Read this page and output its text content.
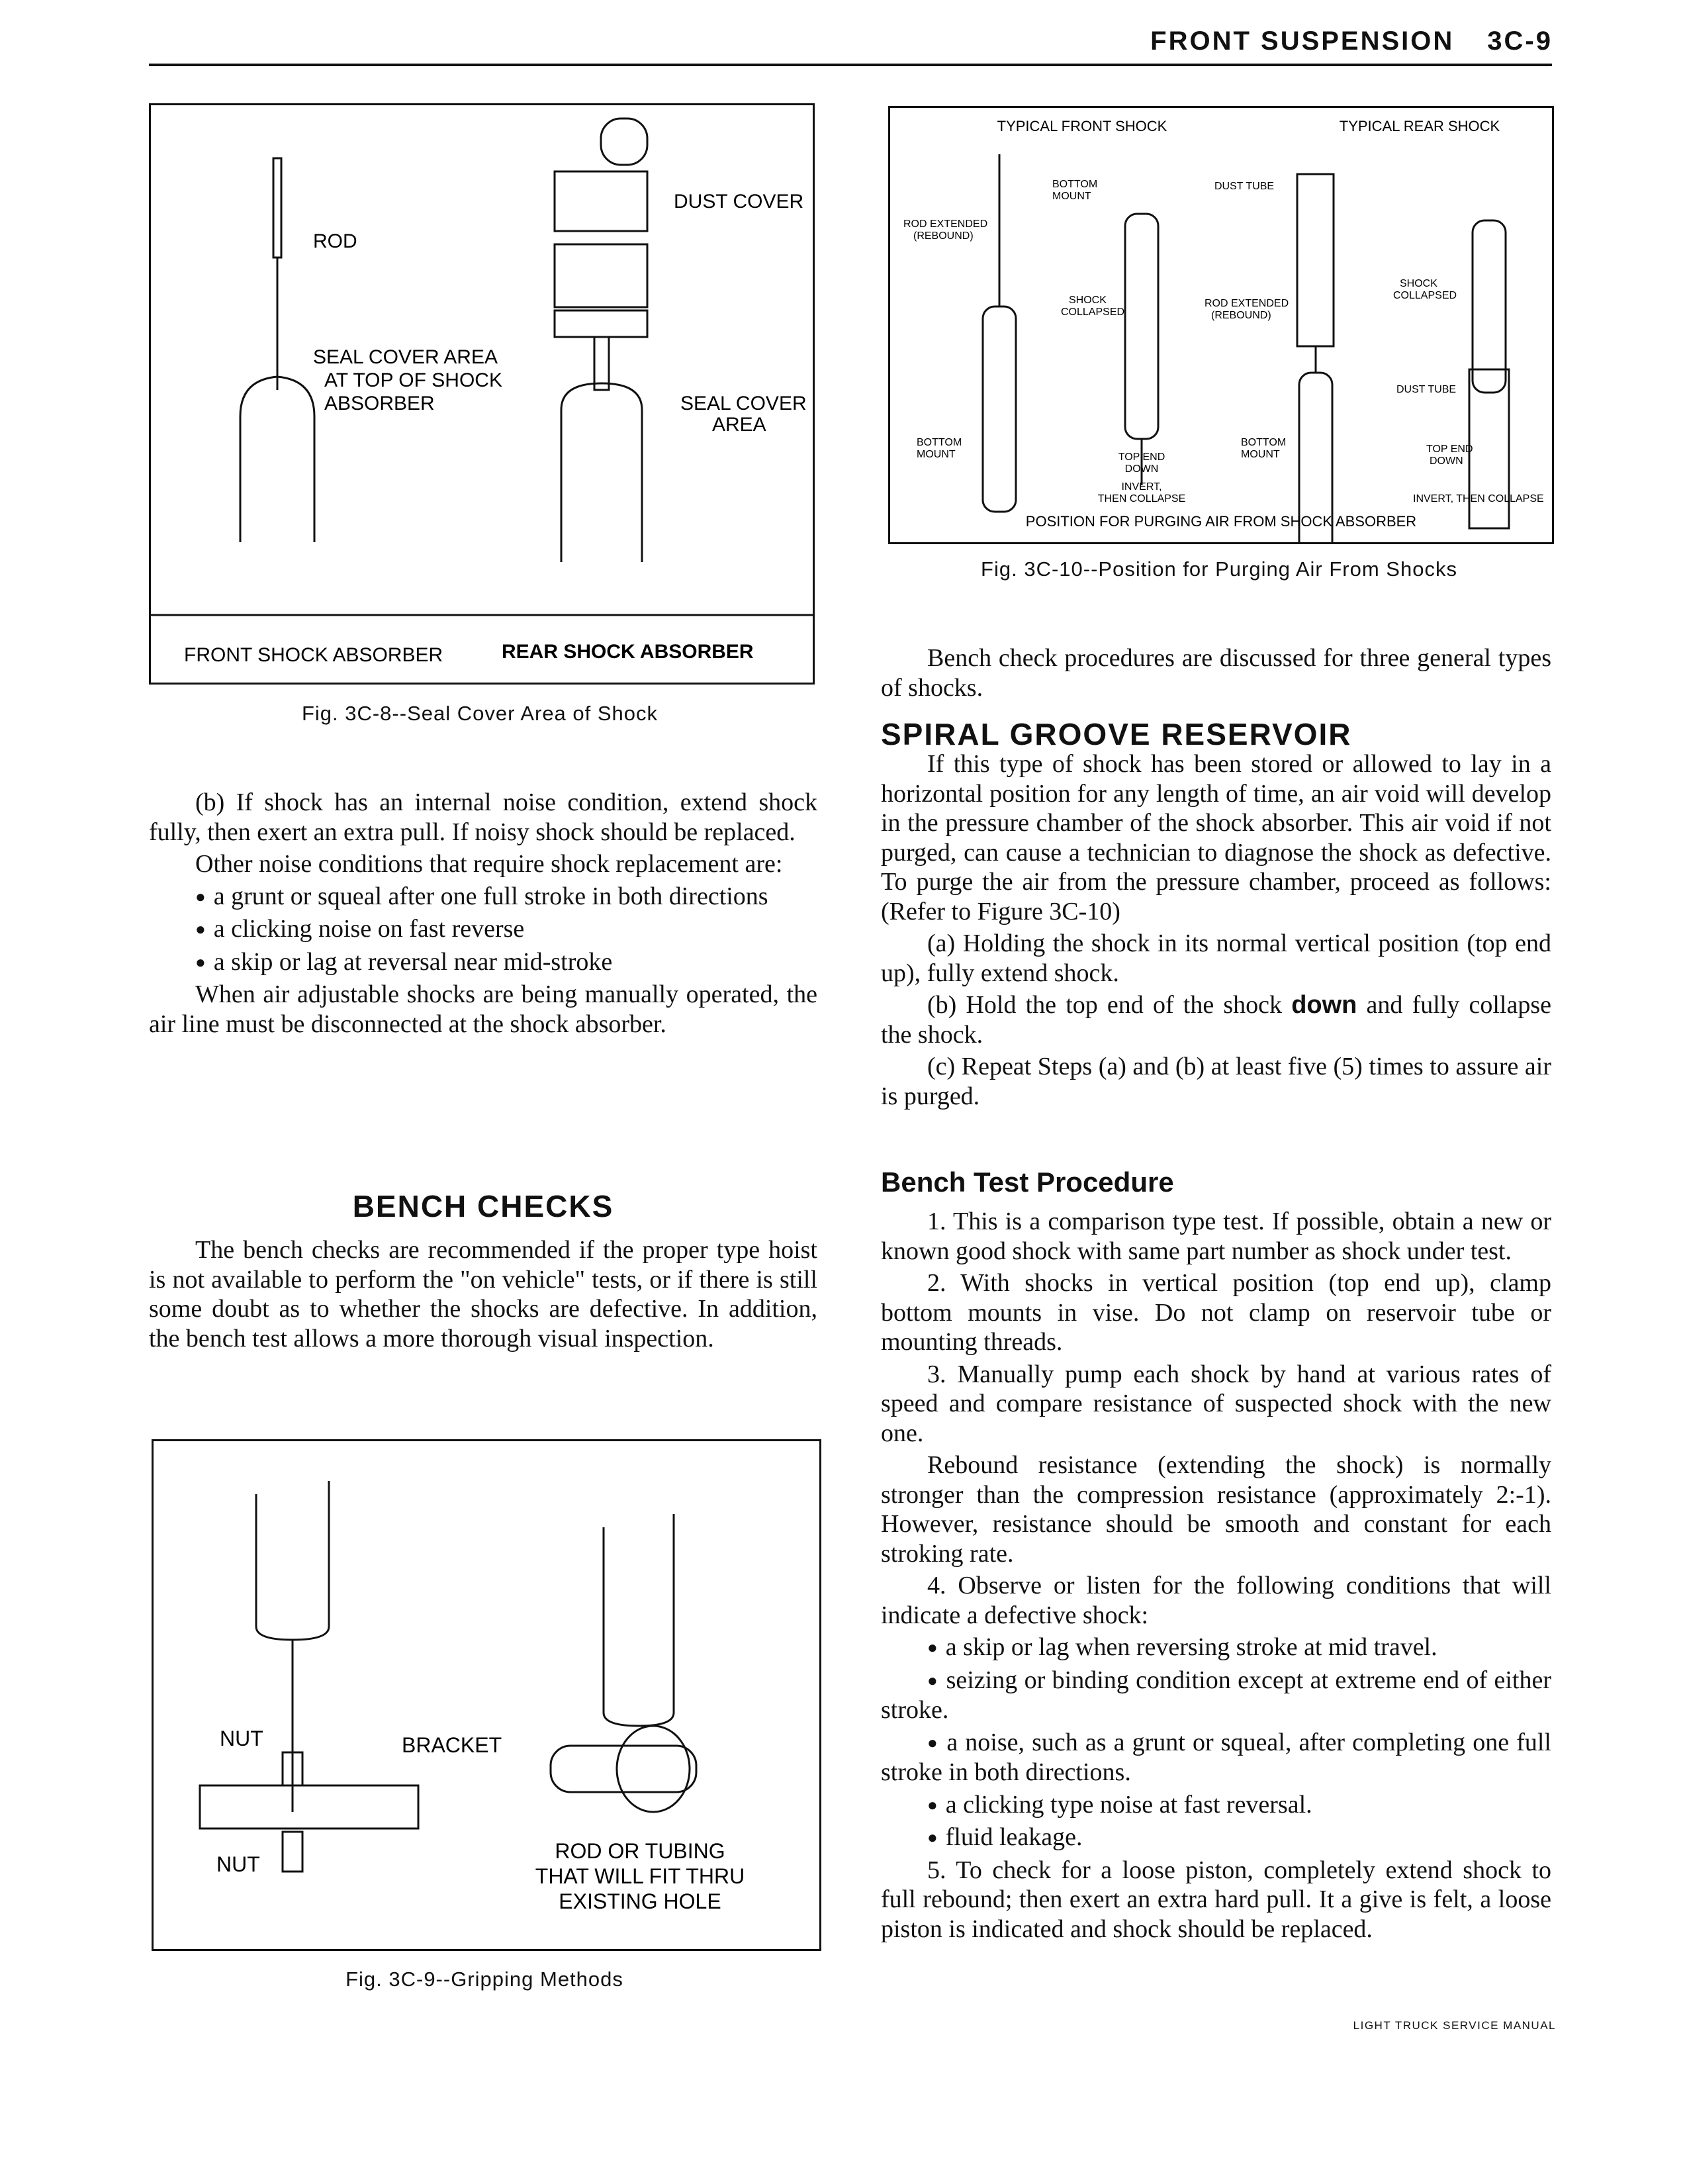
FRONT SUSPENSION 3C-9
ROD
DUST COVER
SEAL COVER AREA
AT TOP OF SHOCK
ABSORBER	SEAL COVER
AREA
FRONT SHOCK ABSORBER	REAR SHOCK ABSORBER
Fig. 3C-8--Seal Cover Area of Shock

(b) If shock has an internal noise condition, extend shock fully, then exert an extra pull. If noisy shock should be replaced.

Other noise conditions that require shock replacement are:

● a grunt or squeal after one full stroke in both directions

● a clicking noise on fast reverse

● a skip or lag at reversal near mid-stroke

When air adjustable shocks are being manually operated, the air line must be disconnected at the shock absorber.

BENCH CHECKS

The bench checks are recommended if the proper type hoist is not available to perform the "on vehicle" tests, or if there is still some doubt as to whether the shocks are defective. In addition, the bench test allows a more thorough visual inspection.

NUT	BRACKET
NUT
ROD OR TUBING
THAT WILL FIT THRU
EXISTING HOLE
Fig. 3C-9--Gripping Methods
TYPICAL FRONT SHOCK	TYPICAL REAR SHOCK
ROD EXTENDED
(REBOUND)
BOTTOM
MOUNT
SHOCK
COLLAPSED
BOTTOM
MOUNT	TOP END
DOWN
INVERT,
THEN COLLAPSE
DUST TUBE
ROD EXTENDED
(REBOUND)
BOTTOM
MOUNT
SHOCK
COLLAPSED
DUST TUBE
TOP END
DOWN
INVERT, THEN COLLAPSE
POSITION FOR PURGING AIR FROM SHOCK ABSORBER
Fig. 3C-10--Position for Purging Air From Shocks

Bench check procedures are discussed for three general types of shocks.

SPIRAL GROOVE RESERVOIR

If this type of shock has been stored or allowed to lay in a horizontal position for any length of time, an air void will develop in the pressure chamber of the shock absorber. This air void if not purged, can cause a technician to diagnose the shock as defective. To purge the air from the pressure chamber, proceed as follows: (Refer to Figure 3C-10)

(a) Holding the shock in its normal vertical position (top end up), fully extend shock.

(b) Hold the top end of the shock down and fully collapse the shock.

(c) Repeat Steps (a) and (b) at least five (5) times to assure air is purged.

Bench Test Procedure

1. This is a comparison type test. If possible, obtain a new or known good shock with same part number as shock under test.

2. With shocks in vertical position (top end up), clamp bottom mounts in vise. Do not clamp on reservoir tube or mounting threads.

3. Manually pump each shock by hand at various rates of speed and compare resistance of suspected shock with the new one.

Rebound resistance (extending the shock) is normally stronger than the compression resistance (approximately 2:-1). However, resistance should be smooth and constant for each stroking rate.

4. Observe or listen for the following conditions that will indicate a defective shock:

● a skip or lag when reversing stroke at mid travel.

● seizing or binding condition except at extreme end of either stroke.

● a noise, such as a grunt or squeal, after completing one full stroke in both directions.

● a clicking type noise at fast reversal.

● fluid leakage.

5. To check for a loose piston, completely extend shock to full rebound; then exert an extra hard pull. It a give is felt, a loose piston is indicated and shock should be replaced.

LIGHT TRUCK SERVICE MANUAL
